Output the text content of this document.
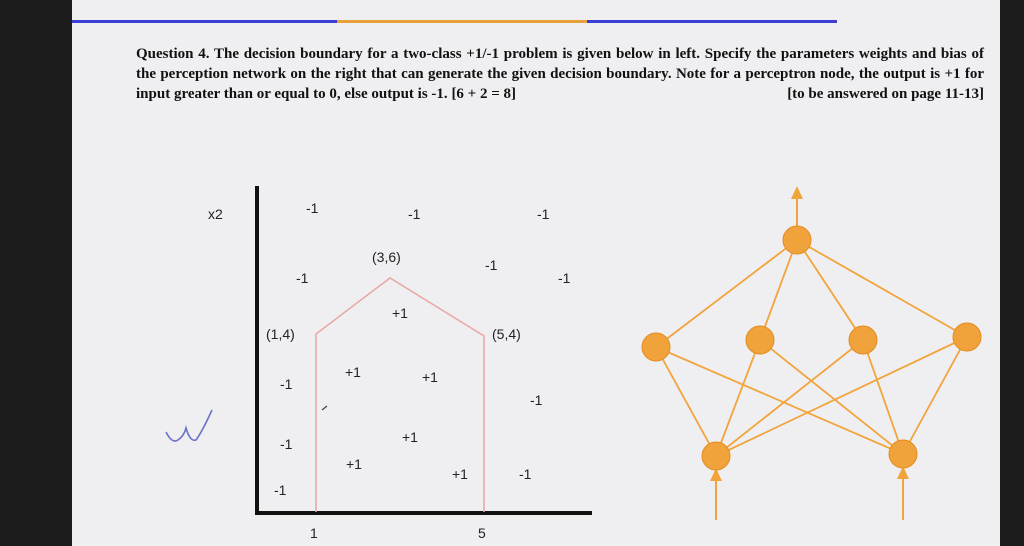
Question 4. The decision boundary for a two-class +1/-1 problem is given below in left. Specify the parameters weights and bias of the perception network on the right that can generate the given decision boundary. Note for a perceptron node, the output is +1 for input greater than or equal to 0, else output is -1. [6 + 2 = 8]	[to be answered on page 11-13]
x2
1	5
(1,4)
(3,6)
(5,4)
-1	-1	-1
-1
-1
-1
+1
-1
+1	+1
-1
-1	+1
+1
+1	-1
-1
